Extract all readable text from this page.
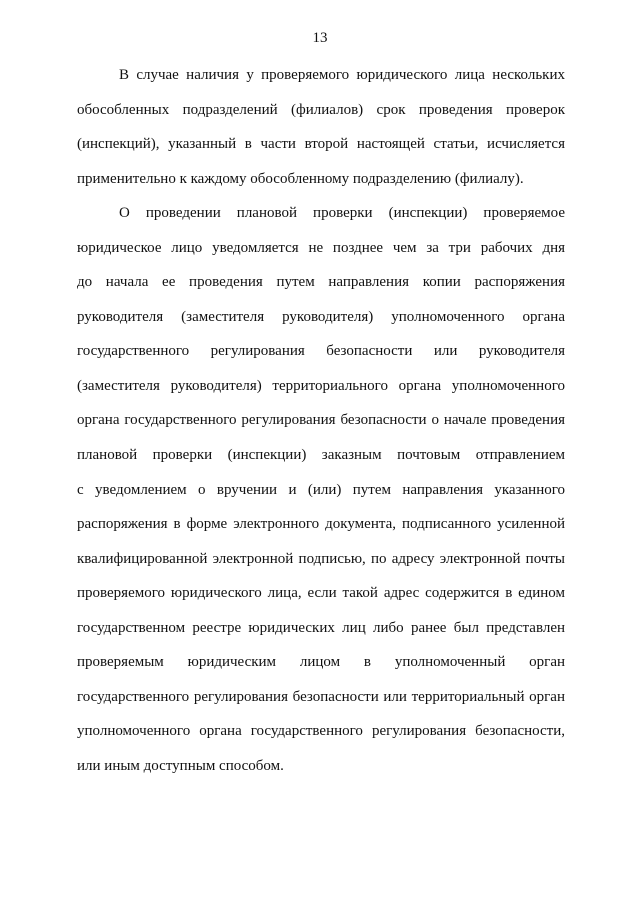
13
В случае наличия у проверяемого юридического лица нескольких
обособленных подразделений (филиалов) срок проведения проверок
(инспекций), указанный в части второй настоящей статьи, исчисляется
применительно к каждому обособленному подразделению (филиалу).
О проведении плановой проверки (инспекции) проверяемое
юридическое лицо уведомляется не позднее чем за три рабочих дня
до начала ее проведения путем направления копии распоряжения
руководителя (заместителя руководителя) уполномоченного органа
государственного регулирования безопасности или руководителя
(заместителя руководителя) территориального органа уполномоченного
органа государственного регулирования безопасности о начале проведения
плановой проверки (инспекции) заказным почтовым отправлением
с уведомлением о вручении и (или) путем направления указанного
распоряжения в форме электронного документа, подписанного усиленной
квалифицированной электронной подписью, по адресу электронной почты
проверяемого юридического лица, если такой адрес содержится в едином
государственном реестре юридических лиц либо ранее был представлен
проверяемым юридическим лицом в уполномоченный орган
государственного регулирования безопасности или территориальный орган
уполномоченного органа государственного регулирования безопасности,
или иным доступным способом.
